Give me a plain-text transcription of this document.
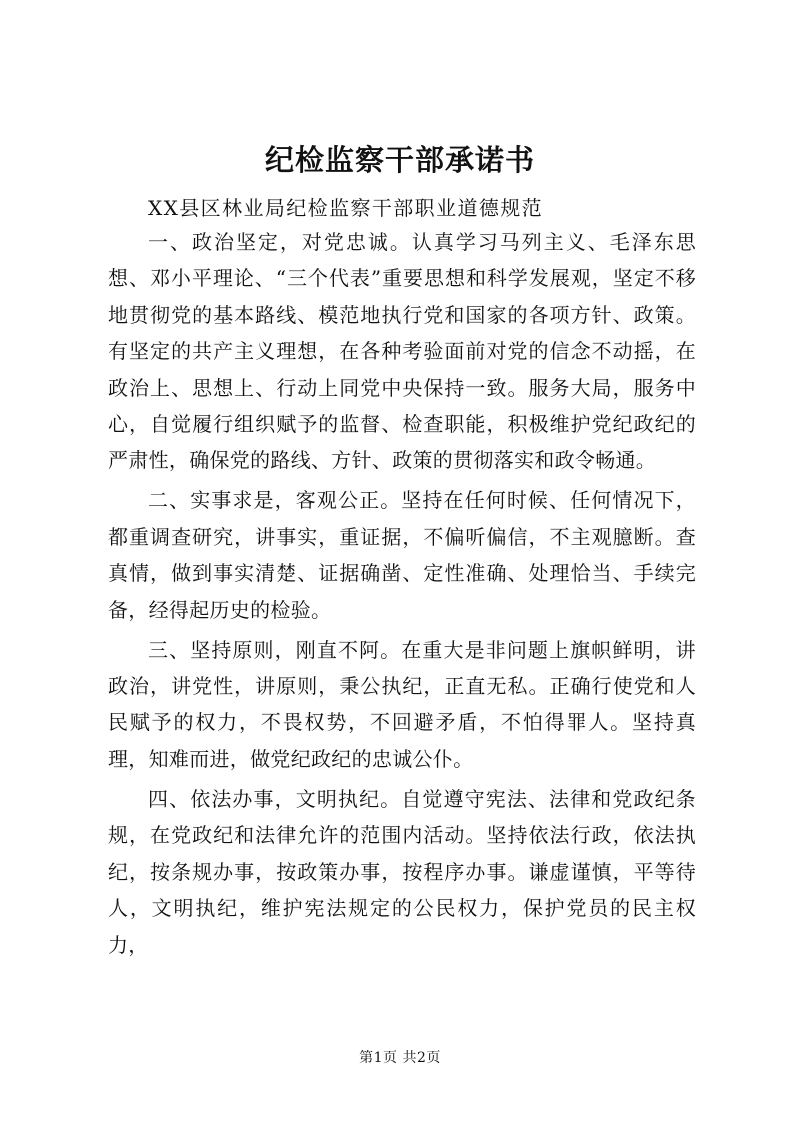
纪检监察干部承诺书

XX县区林业局纪检监察干部职业道德规范

一、政治坚定，对党忠诚。认真学习马列主义、毛泽东思想、邓小平理论、“三个代表”重要思想和科学发展观，坚定不移地贯彻党的基本路线、模范地执行党和国家的各项方针、政策。有坚定的共产主义理想，在各种考验面前对党的信念不动摇，在政治上、思想上、行动上同党中央保持一致。服务大局，服务中心，自觉履行组织赋予的监督、检查职能，积极维护党纪政纪的严肃性，确保党的路线、方针、政策的贯彻落实和政令畅通。

二、实事求是，客观公正。坚持在任何时候、任何情况下，都重调查研究，讲事实，重证据，不偏听偏信，不主观臆断。查真情，做到事实清楚、证据确凿、定性准确、处理恰当、手续完备，经得起历史的检验。

三、坚持原则，刚直不阿。在重大是非问题上旗帜鲜明，讲政治，讲党性，讲原则，秉公执纪，正直无私。正确行使党和人民赋予的权力，不畏权势，不回避矛盾，不怕得罪人。坚持真理，知难而进，做党纪政纪的忠诚公仆。

四、依法办事，文明执纪。自觉遵守宪法、法律和党政纪条规，在党政纪和法律允许的范围内活动。坚持依法行政，依法执纪，按条规办事，按政策办事，按程序办事。谦虚谨慎，平等待人，文明执纪，维护宪法规定的公民权力，保护党员的民主权力，

第1页 共2页
